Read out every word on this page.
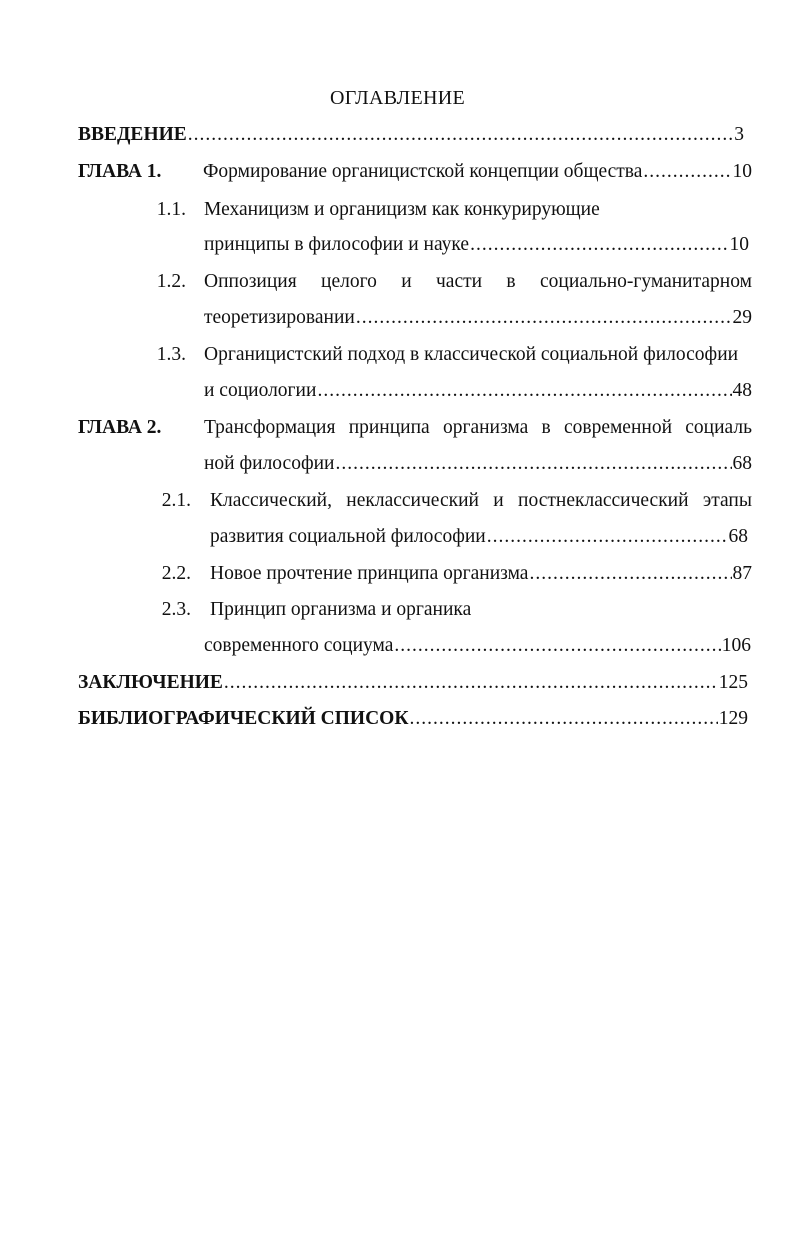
ОГЛАВЛЕНИЕ
ВВЕДЕНИЕ .....	3
ГЛАВА 1. Формирование органицистской концепции общества .....	10
1.1. Механицизм и органицизм как конкурирующие
принципы в философии и науке .....	10
1.2. Оппозиция целого и части в социально-гуманитарном
теоретизировании .....	29
1.3. Органицистский подход в классической социальной философии
и социологии .....	48
ГЛАВА 2. Трансформация принципа организма в современной социаль
ной философии .....	68
2.1. Классический, неклассический и постнеклассический этапы
развития социальной философии .....	68
2.2. Новое прочтение принципа организма .....	87
2.3. Принцип организма и органика
современного социума .....	106
ЗАКЛЮЧЕНИЕ .....	125
БИБЛИОГРАФИЧЕСКИЙ СПИСОК .....	129
